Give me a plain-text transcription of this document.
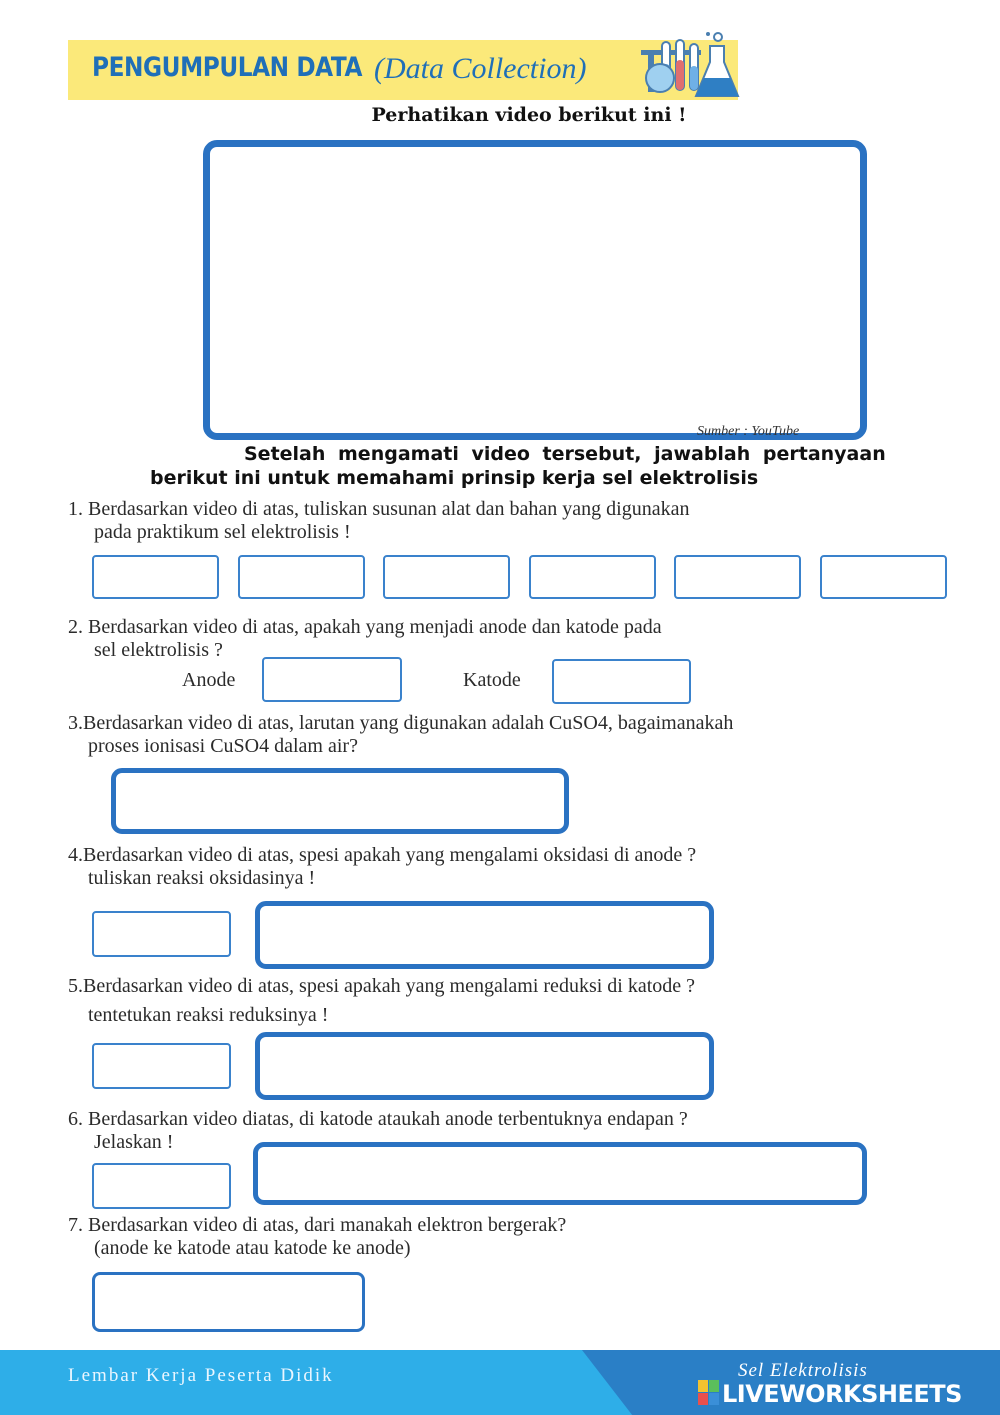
PENGUMPULAN DATA (Data Collection)
Perhatikan video berikut ini !
Sumber : YouTube
Setelah mengamati video tersebut, jawablah pertanyaan
berikut ini untuk memahami prinsip kerja sel elektrolisis
1. Berdasarkan video di atas, tuliskan susunan alat dan bahan yang digunakan
pada praktikum sel elektrolisis !
2. Berdasarkan video di atas, apakah yang menjadi anode dan katode pada
sel elektrolisis ?
Anode	Katode
3.Berdasarkan video di atas, larutan yang digunakan adalah CuSO4, bagaimanakah
proses ionisasi CuSO4 dalam air?
4.Berdasarkan video di atas, spesi apakah yang mengalami oksidasi di anode ?
tuliskan reaksi oksidasinya !
5.Berdasarkan video di atas, spesi apakah yang mengalami reduksi di katode ?
tentetukan reaksi reduksinya !
6. Berdasarkan video diatas, di katode ataukah anode terbentuknya endapan ?
Jelaskan !
7. Berdasarkan video di atas, dari manakah elektron bergerak?
(anode ke katode atau katode ke anode)
Lembar Kerja Peserta Didik	Sel Elektrolisis
LIVEWORKSHEETS
